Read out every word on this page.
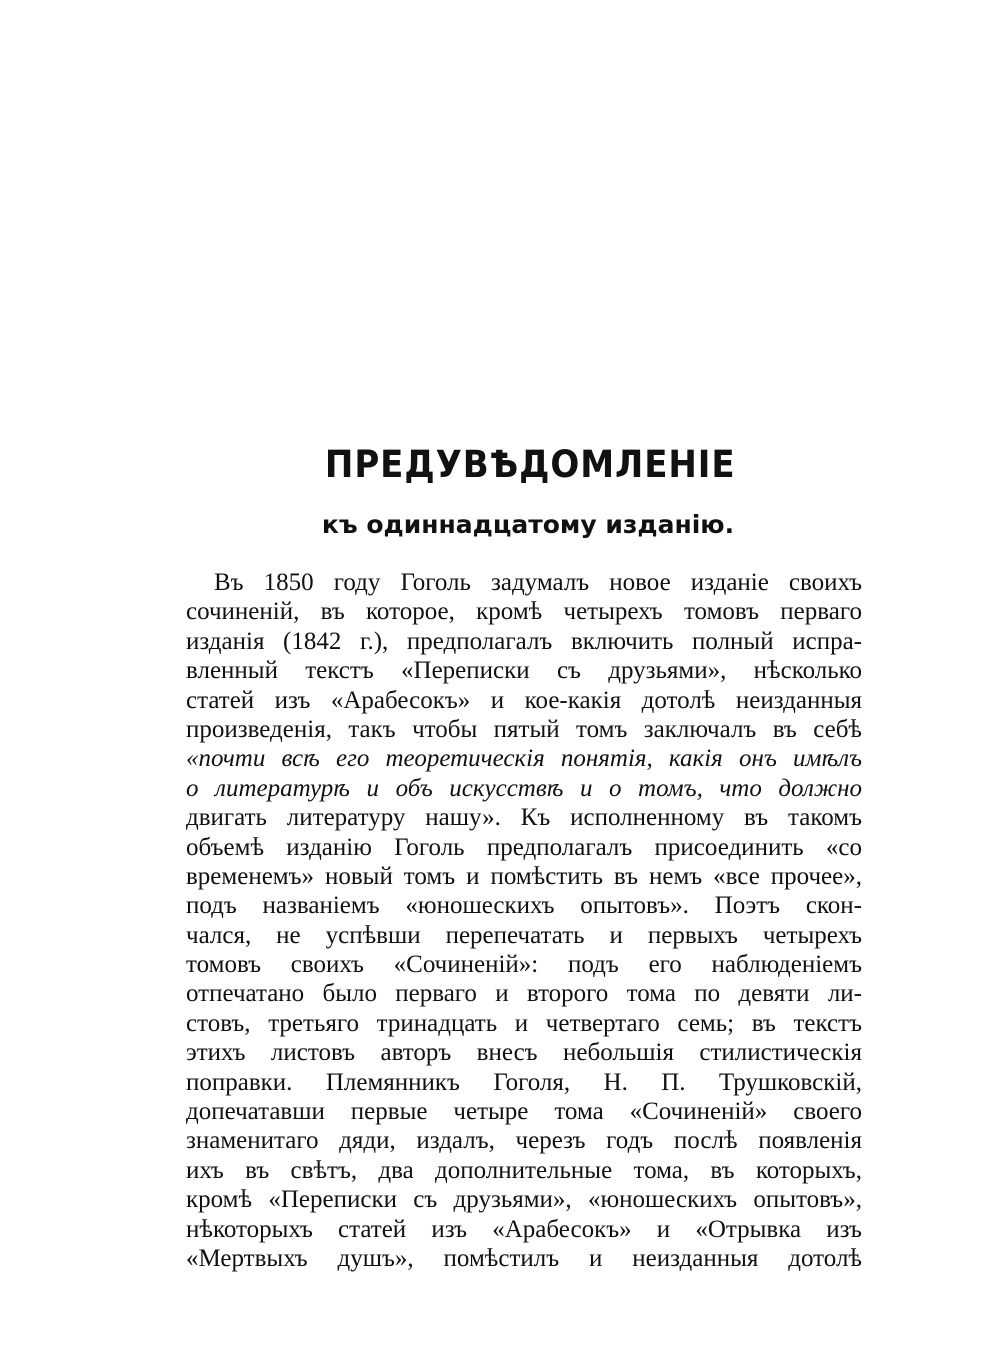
ПРЕДУВѢДОМЛЕНІЕ
къ одиннадцатому изданію.
Въ 1850 году Гоголь задумалъ новое изданіе своихъ
сочиненій, въ которое, кромѣ четырехъ томовъ перваго
изданія (1842 г.), предполагалъ включить полный испра-
вленный текстъ «Переписки съ друзьями», нѣсколько
статей изъ «Арабесокъ» и кое-какія дотолѣ неизданныя
произведенія, такъ чтобы пятый томъ заключалъ въ себѣ
«почти всѣ его теоретическія понятія, какія онъ имѣлъ
о литературѣ и объ искусствѣ и о томъ, что должно
двигать литературу нашу». Къ исполненному въ такомъ
объемѣ изданію Гоголь предполагалъ присоединить «со
временемъ» новый томъ и помѣстить въ немъ «все прочее»,
подъ названіемъ «юношескихъ опытовъ». Поэтъ скон-
чался, не успѣвши перепечатать и первыхъ четырехъ
томовъ своихъ «Сочиненій»: подъ его наблюденіемъ
отпечатано было перваго и второго тома по девяти ли-
стовъ, третьяго тринадцать и четвертаго семь; въ текстъ
этихъ листовъ авторъ внесъ небольшія стилистическія
поправки. Племянникъ Гоголя, Н. П. Трушковскій,
допечатавши первые четыре тома «Сочиненій» своего
знаменитаго дяди, издалъ, черезъ годъ послѣ появленія
ихъ въ свѣтъ, два дополнительные тома, въ которыхъ,
кромѣ «Переписки съ друзьями», «юношескихъ опытовъ»,
нѣкоторыхъ статей изъ «Арабесокъ» и «Отрывка изъ
«Мертвыхъ душъ», помѣстилъ и неизданныя дотолѣ
